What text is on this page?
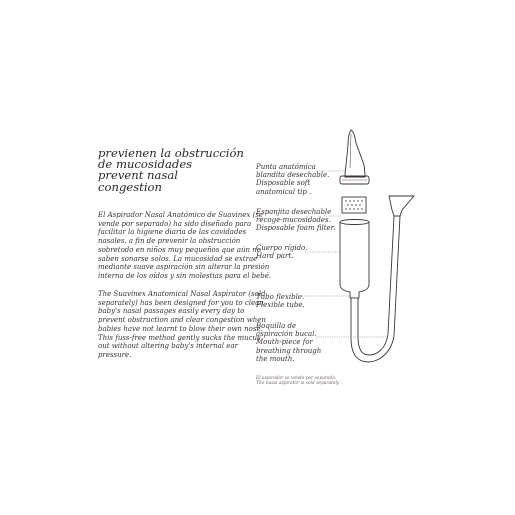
previenen la obstrucción
de mucosidades
prevent nasal
congestion
El Aspirador Nasal Anatómico de Suavinex (se vende por separado) ha sido diseñado para facilitar la higiene diaria de las cavidades nasales, a fin de prevenir la obstrucción sobretodo en niños muy pequeños que aún no saben sonarse solos. La mucosidad se extrae mediante suave aspiración sin alterar la presión interna de los oídos y sin molestias para el bebé.
The Suavinex Anatomical Nasal Aspirator (sold separately) has been designed for you to clean baby's nasal passages easily every day to prevent obstruction and clear congestion when babies have not learnt to blow their own nose. This fuss-free method gently sucks the mucus out without altering baby's internal ear pressure.
Punta anatómica
blandita desechable.
Disposable soft
anatomical tip .
Espanjita desechable
recoge-mucosidades.
Disposable foam filter.
Cuerpo rígido.
Hard part.
Tubo flexible.
Flexible tube.
Boquilla de
aspiración bucal.
Mouth-piece for
breathing through
the mouth.
El aspirador se vende por separado.
The nasal aspirator is sold separately .
